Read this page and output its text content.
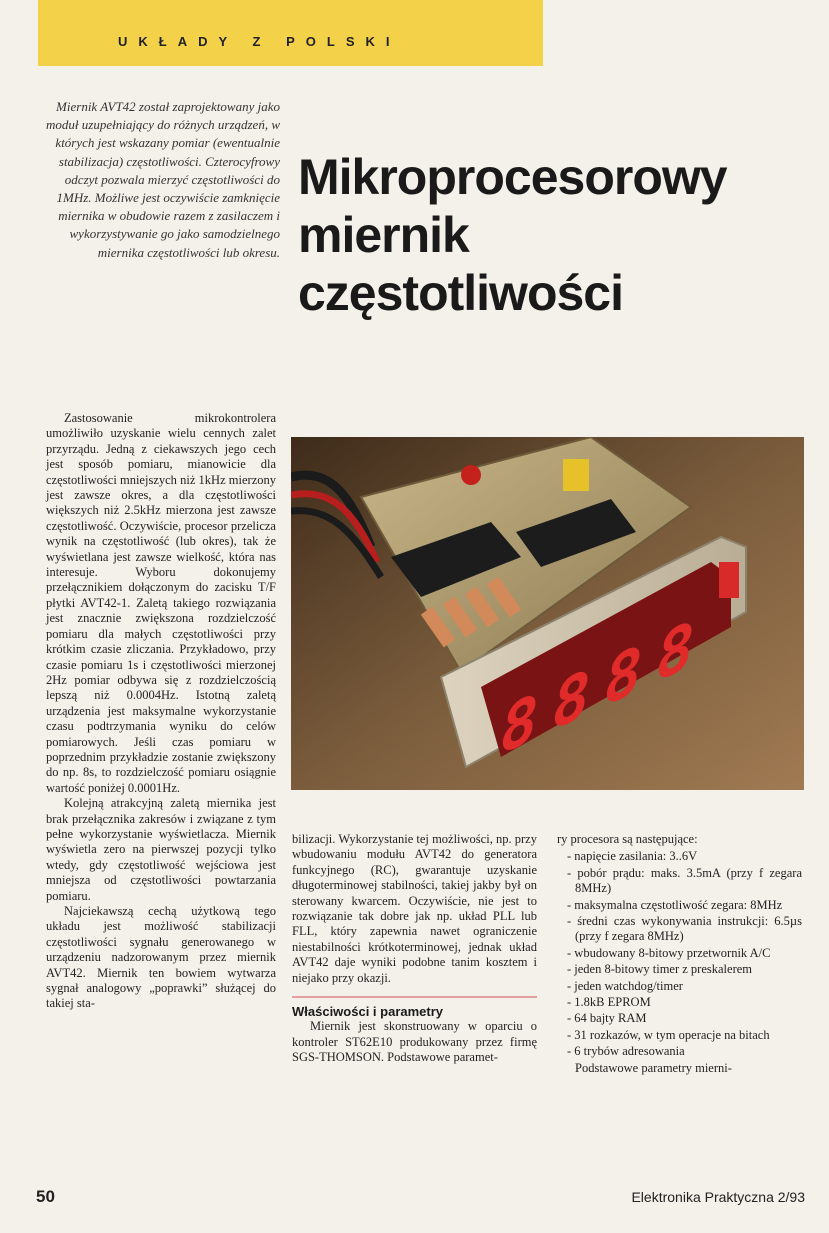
UKŁADY Z POLSKI
Miernik AVT42 został zaprojektowany jako moduł uzupełniający do różnych urządzeń, w których jest wskazany pomiar (ewentualnie stabilizacja) częstotliwości. Czterocyfrowy odczyt pozwala mierzyć częstotliwości do 1MHz. Możliwe jest oczywiście zamknięcie miernika w obudowie razem z zasilaczem i wykorzystywanie go jako samodzielnego miernika częstotliwości lub okresu.
Mikroprocesorowy
miernik
częstotliwości
8 8 8 8

Zastosowanie mikrokontrolera umożliwiło uzyskanie wielu cennych zalet przyrządu. Jedną z ciekawszych jego cech jest sposób pomiaru, mianowicie dla częstotliwości mniejszych niż 1kHz mierzony jest zawsze okres, a dla częstotliwości większych niż 2.5kHz mierzona jest zawsze częstotliwość. Oczywiście, procesor przelicza wynik na częstotliwość (lub okres), tak że wyświetlana jest zawsze wielkość, która nas interesuje. Wyboru dokonujemy przełącznikiem dołączonym do zacisku T/F płytki AVT42-1. Zaletą takiego rozwiązania jest znacznie zwiększona rozdzielczość pomiaru dla małych częstotliwości przy krótkim czasie zliczania. Przykładowo, przy czasie pomiaru 1s i częstotliwości mierzonej 2Hz pomiar odbywa się z rozdzielczością lepszą niż 0.0004Hz. Istotną zaletą urządzenia jest maksymalne wykorzystanie czasu podtrzymania wyniku do celów pomiarowych. Jeśli czas pomiaru w poprzednim przykładzie zostanie zwiększony do np. 8s, to rozdzielczość pomiaru osiągnie wartość poniżej 0.0001Hz.

Kolejną atrakcyjną zaletą miernika jest brak przełącznika zakresów i związane z tym pełne wykorzystanie wyświetlacza. Miernik wyświetla zero na pierwszej pozycji tylko wtedy, gdy częstotliwość wejściowa jest mniejsza od częstotliwości powtarzania pomiaru.

Najciekawszą cechą użytkową tego układu jest możliwość stabilizacji częstotliwości sygnału generowanego w urządzeniu nadzorowanym przez miernik AVT42. Miernik ten bowiem wytwarza sygnał analogowy „poprawki” służącej do takiej sta-

bilizacji. Wykorzystanie tej możliwości, np. przy wbudowaniu modułu AVT42 do generatora funkcyjnego (RC), gwarantuje uzyskanie długoterminowej stabilności, takiej jakby był on sterowany kwarcem. Oczywiście, nie jest to rozwiązanie tak dobre jak np. układ PLL lub FLL, który zapewnia nawet ograniczenie niestabilności krótkoterminowej, jednak układ AVT42 daje wyniki podobne tanim kosztem i niejako przy okazji.

Właściwości i parametry

Miernik jest skonstruowany w oparciu o kontroler ST62E10 produkowany przez firmę SGS-THOMSON. Podstawowe paramet-

ry procesora są następujące:

- napięcie zasilania: 3..6V
- pobór prądu: maks. 3.5mA (przy f zegara 8MHz)
- maksymalna częstotliwość zegara: 8MHz
- średni czas wykonywania instrukcji: 6.5µs (przy f zegara 8MHz)
- wbudowany 8-bitowy przetwornik A/C
- jeden 8-bitowy timer z preskalerem
- jeden watchdog/timer
- 1.8kB EPROM
- 64 bajty RAM
- 31 rozkazów, w tym operacje na bitach
- 6 trybów adresowania

Podstawowe parametry mierni-

50	Elektronika Praktyczna 2/93
